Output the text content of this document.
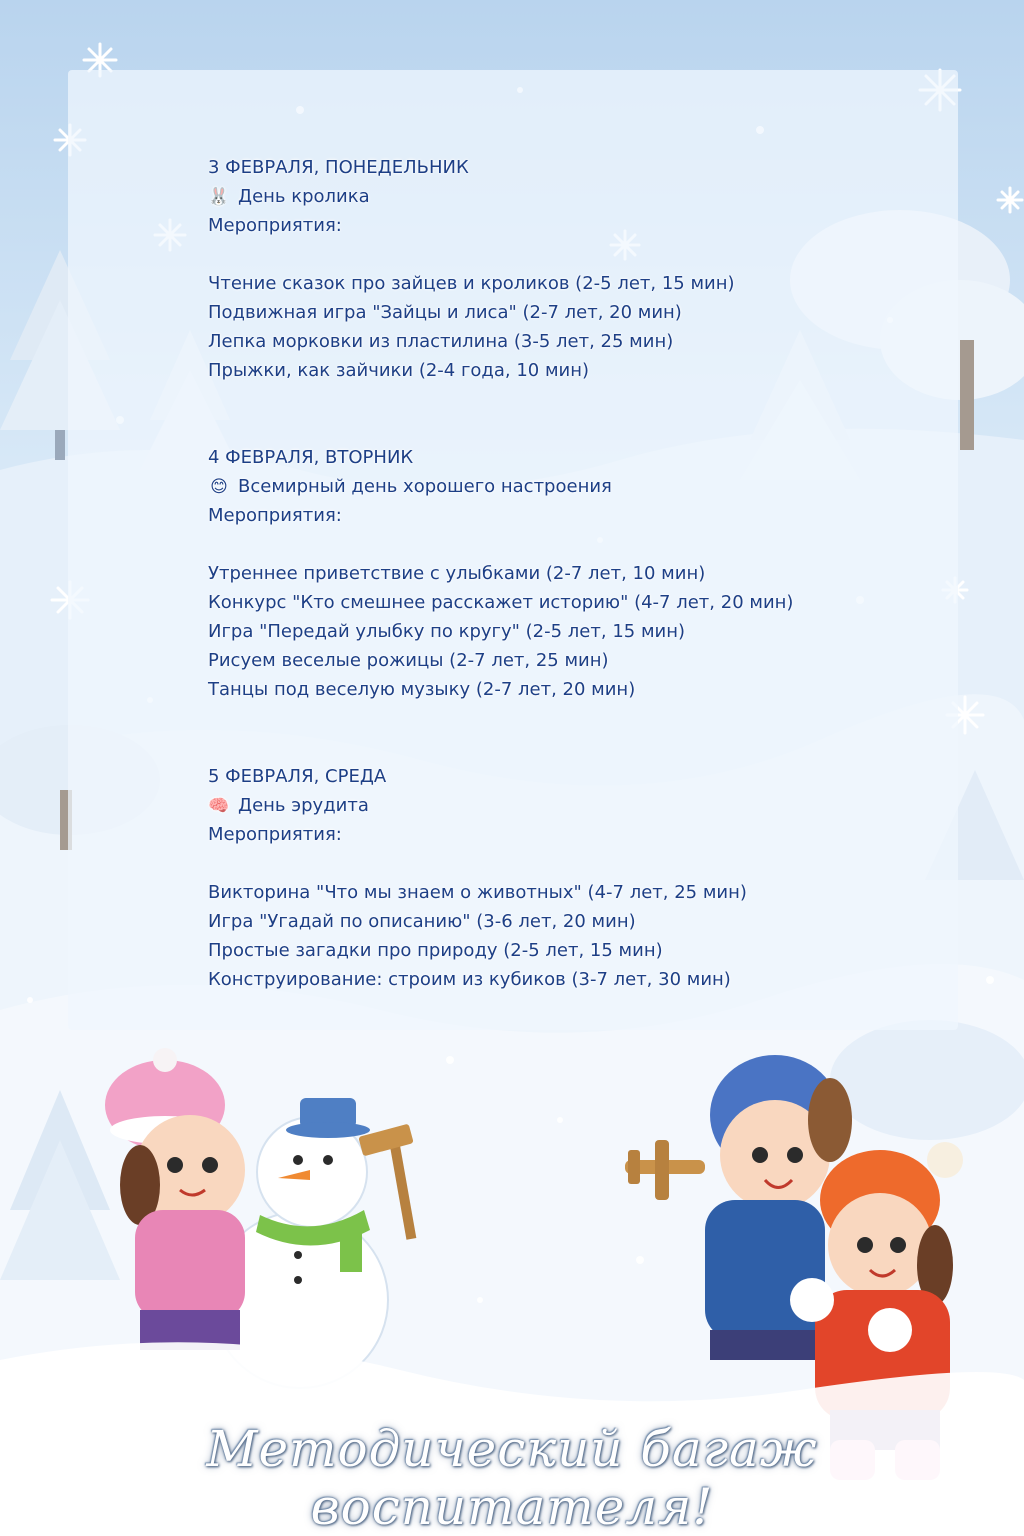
3 ФЕВРАЛЯ, ПОНЕДЕЛЬНИК
🐰 День кролика
Мероприятия:
Чтение сказок про зайцев и кроликов (2-5 лет, 15 мин)
Подвижная игра "Зайцы и лиса" (2-7 лет, 20 мин)
Лепка морковки из пластилина (3-5 лет, 25 мин)
Прыжки, как зайчики (2-4 года, 10 мин)
4 ФЕВРАЛЯ, ВТОРНИК
😊 Всемирный день хорошего настроения
Мероприятия:
Утреннее приветствие с улыбками (2-7 лет, 10 мин)
Конкурс "Кто смешнее расскажет историю" (4-7 лет, 20 мин)
Игра "Передай улыбку по кругу" (2-5 лет, 15 мин)
Рисуем веселые рожицы (2-7 лет, 25 мин)
Танцы под веселую музыку (2-7 лет, 20 мин)
5 ФЕВРАЛЯ, СРЕДА
🧠 День эрудита
Мероприятия:
Викторина "Что мы знаем о животных" (4-7 лет, 25 мин)
Игра "Угадай по описанию" (3-6 лет, 20 мин)
Простые загадки про природу (2-5 лет, 15 мин)
Конструирование: строим из кубиков (3-7 лет, 30 мин)
Методический багаж воспитателя!
